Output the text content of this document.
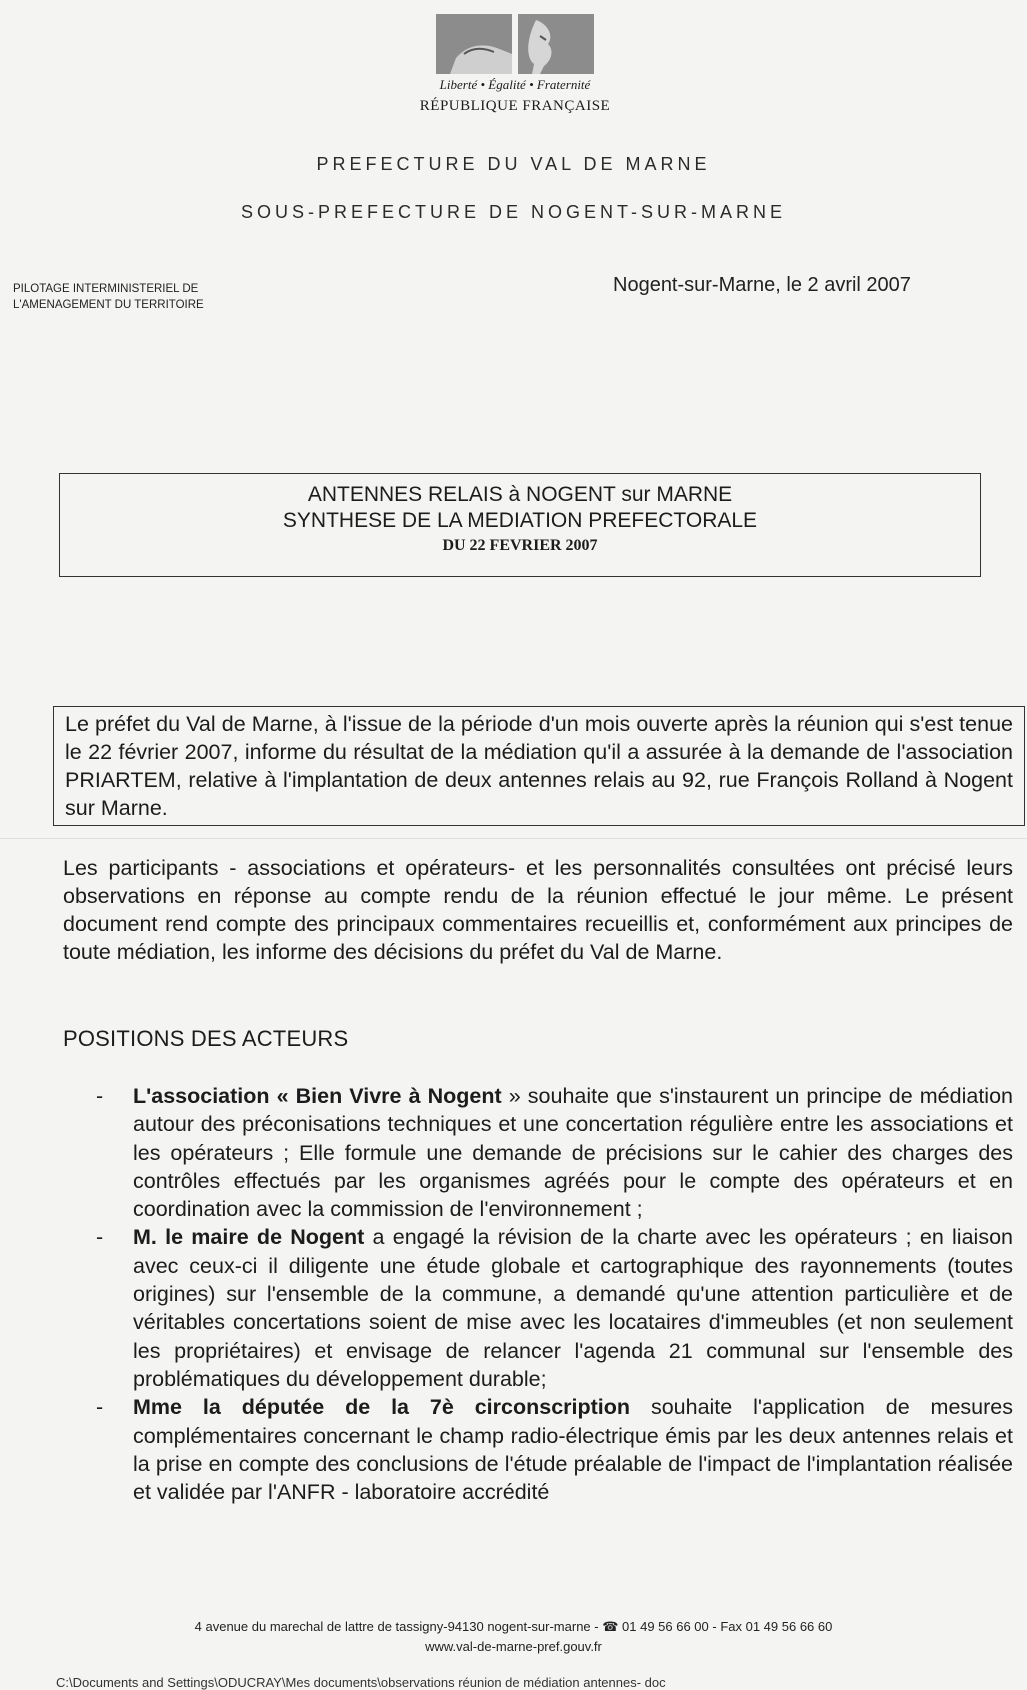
Liberté • Égalité • Fraternité
RÉPUBLIQUE FRANÇAISE
PREFECTURE DU VAL DE MARNE
SOUS-PREFECTURE DE NOGENT-SUR-MARNE
PILOTAGE INTERMINISTERIEL DE
L'AMENAGEMENT DU TERRITOIRE
Nogent-sur-Marne, le 2 avril 2007
ANTENNES RELAIS à NOGENT sur MARNE
SYNTHESE DE LA MEDIATION PREFECTORALE
DU 22 FEVRIER 2007
Le préfet du Val de Marne, à l'issue de la période d'un mois ouverte après la réunion qui s'est tenue le 22 février 2007, informe du résultat de la médiation qu'il a assurée à la demande de l'association PRIARTEM, relative à l'implantation de deux antennes relais au 92, rue François Rolland à Nogent sur Marne.
Les participants - associations et opérateurs- et les personnalités consultées ont précisé leurs observations en réponse au compte rendu de la réunion effectué le jour même. Le présent document rend compte des principaux commentaires recueillis et, conformément aux principes de toute médiation, les informe des décisions du préfet du Val de Marne.
POSITIONS DES ACTEURS
- L'association « Bien Vivre à Nogent » souhaite que s'instaurent un principe de médiation autour des préconisations techniques et une concertation régulière entre les associations et les opérateurs ; Elle formule une demande de précisions sur le cahier des charges des contrôles effectués par les organismes agréés pour le compte des opérateurs et en coordination avec la commission de l'environnement ;
- M. le maire de Nogent a engagé la révision de la charte avec les opérateurs ; en liaison avec ceux-ci il diligente une étude globale et cartographique des rayonnements (toutes origines) sur l'ensemble de la commune, a demandé qu'une attention particulière et de véritables concertations soient de mise avec les locataires d'immeubles (et non seulement les propriétaires) et envisage de relancer l'agenda 21 communal sur l'ensemble des problématiques du développement durable;
- Mme la députée de la 7è circonscription souhaite l'application de mesures complémentaires concernant le champ radio-électrique émis par les deux antennes relais et la prise en compte des conclusions de l'étude préalable de l'impact de l'implantation réalisée et validée par l'ANFR - laboratoire accrédité
4 avenue du marechal de lattre de tassigny-94130 nogent-sur-marne - ☎ 01 49 56 66 00 - Fax 01 49 56 66 60
www.val-de-marne-pref.gouv.fr
C:\Documents and Settings\ODUCRAY\Mes documents\observations réunion de médiation antennes- doc
